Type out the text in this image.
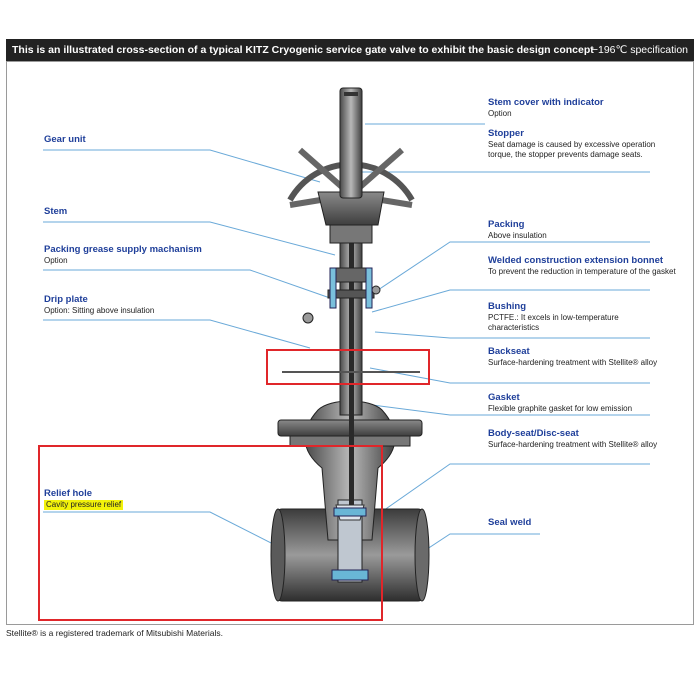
This is an illustrated cross-section of a typical KITZ Cryogenic service gate valve to exhibit the basic design concept
−196℃ specification
Stem cover with indicator
Option
Stopper
Seat damage is caused by excessive operation torque, the stopper prevents damage seats.
Gear unit
Stem
Packing
Above insulation
Packing grease supply machanism
Option	Welded construction extension bonnet
To prevent the reduction in temperature of the gasket
Drip plate
Option: Sitting above insulation	Bushing
PCTFE.: It excels in low-temperature characteristics
Backseat
Surface-hardening treatment with Stellite® alloy
Gasket
Flexible graphite gasket for low emission
Body-seat/Disc-seat
Surface-hardening treatment with Stellite® alloy
Relief hole
Cavity pressure relief
Seal weld
Stellite® is a registered trademark of Mitsubishi Materials.
